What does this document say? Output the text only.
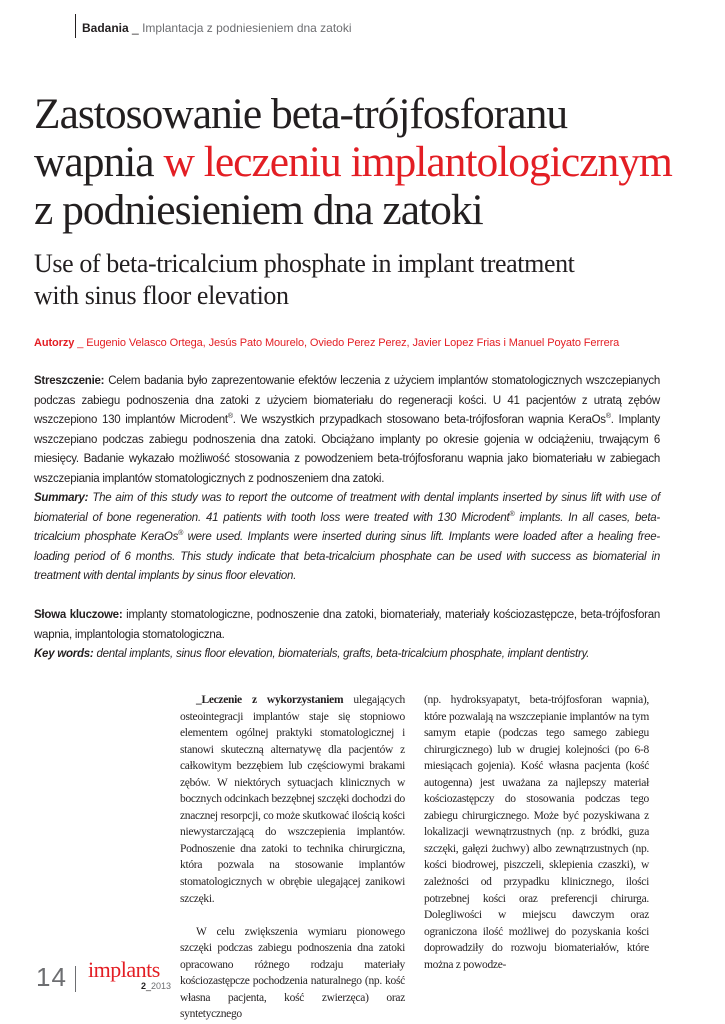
Badania _ Implantacja z podniesieniem dna zatoki
Zastosowanie beta-trójfosforanu
wapnia w leczeniu implantologicznym
z podniesieniem dna zatoki
Use of beta-tricalcium phosphate in implant treatment
with sinus floor elevation
Autorzy _ Eugenio Velasco Ortega, Jesús Pato Mourelo, Oviedo Perez Perez, Javier Lopez Frias i Manuel Poyato Ferrera

Streszczenie: Celem badania było zaprezentowanie efektów leczenia z użyciem implantów stomatologicznych wszczepianych podczas zabiegu podnoszenia dna zatoki z użyciem biomateriału do regeneracji kości. U 41 pacjentów z utratą zębów wszczepiono 130 implantów Microdent®. We wszystkich przypadkach stosowano beta-trójfosforan wapnia KeraOs®. Implanty wszczepiano podczas zabiegu podnoszenia dna zatoki. Obciążano implanty po okresie gojenia w odciążeniu, trwającym 6 miesięcy. Badanie wykazało możliwość stosowania z powodzeniem beta-trójfosforanu wapnia jako biomateriału w zabiegach wszczepiania implantów stomatologicznych z podnoszeniem dna zatoki.

Summary: The aim of this study was to report the outcome of treatment with dental implants inserted by sinus lift with use of biomaterial of bone regeneration. 41 patients with tooth loss were treated with 130 Microdent® implants. In all cases, beta-tricalcium phosphate KeraOs® were used. Implants were inserted during sinus lift. Implants were loaded after a healing free-loading period of 6 months. This study indicate that beta-tricalcium phosphate can be used with success as biomaterial in treatment with dental implants by sinus floor elevation.

Słowa kluczowe: implanty stomatologiczne, podnoszenie dna zatoki, biomateriały, materiały kościozastępcze, beta-trójfosforan wapnia, implantologia stomatologiczna.

Key words: dental implants, sinus floor elevation, biomaterials, grafts, beta-tricalcium phosphate, implant dentistry.

_Leczenie z wykorzystaniem ulegających osteointegracji implantów staje się stopniowo elementem ogólnej praktyki stomatologicznej i stanowi skuteczną alternatywę dla pacjentów z całkowitym bezzębiem lub częściowymi brakami zębów. W niektórych sytuacjach klinicznych w bocznych odcinkach bezzębnej szczęki dochodzi do znacznej resorpcji, co może skutkować ilością kości niewystarczającą do wszczepienia implantów. Podnoszenie dna zatoki to technika chirurgiczna, która pozwala na stosowanie implantów stomatologicznych w obrębie ulegającej zanikowi szczęki.

W celu zwiększenia wymiaru pionowego szczęki podczas zabiegu podnoszenia dna zatoki opracowano różnego rodzaju materiały kościozastępcze pochodzenia naturalnego (np. kość własna pacjenta, kość zwierzęca) oraz syntetycznego

(np. hydroksyapatyt, beta-trójfosforan wapnia), które pozwalają na wszczepianie implantów na tym samym etapie (podczas tego samego zabiegu chirurgicznego) lub w drugiej kolejności (po 6-8 miesiącach gojenia). Kość własna pacjenta (kość autogenna) jest uważana za najlepszy materiał kościozastępczy do stosowania podczas tego zabiegu chirurgicznego. Może być pozyskiwana z lokalizacji wewnątrzustnych (np. z bródki, guza szczęki, gałęzi żuchwy) albo zewnątrzustnych (np. kości biodrowej, piszczeli, sklepienia czaszki), w zależności od przypadku klinicznego, ilości potrzebnej kości oraz preferencji chirurga. Dolegliwości w miejscu dawczym oraz ograniczona ilość możliwej do pozyskania kości doprowadziły do rozwoju biomateriałów, które można z powodze-

14 implants
2_2013
